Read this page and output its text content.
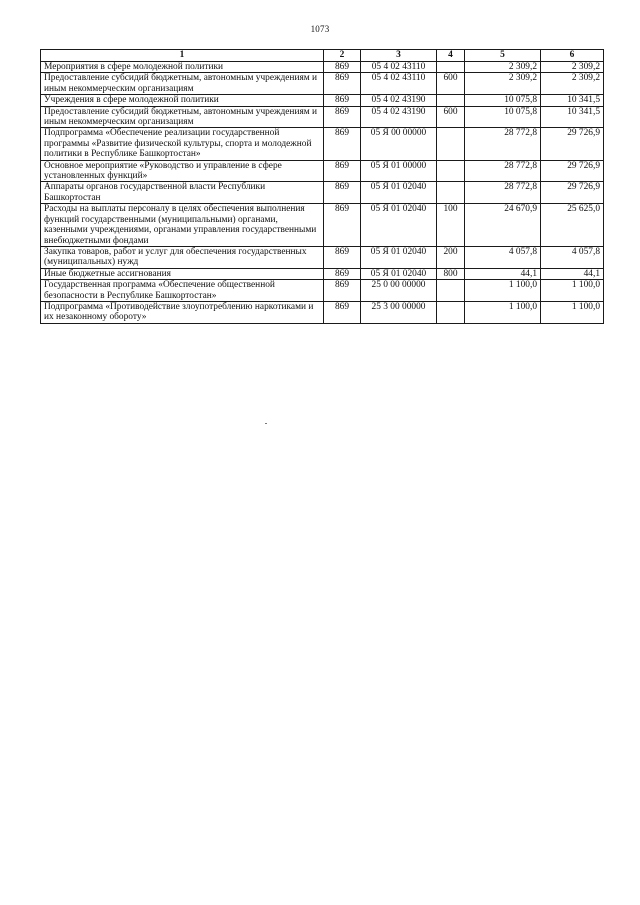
1073
1	2	3	4	5	6
Мероприятия в сфере молодежной политики	869	05 4 02 43110		2 309,2	2 309,2
Предоставление субсидий бюджетным, автономным учреждениям и иным некоммерческим организациям	869	05 4 02 43110	600	2 309,2	2 309,2
Учреждения в сфере молодежной политики	869	05 4 02 43190		10 075,8	10 341,5
Предоставление субсидий бюджетным, автономным учреждениям и иным некоммерческим организациям	869	05 4 02 43190	600	10 075,8	10 341,5
Подпрограмма «Обеспечение реализации государственной программы «Развитие физической культуры, спорта и молодежной политики в Республике Башкортостан»	869	05 Я 00 00000		28 772,8	29 726,9
Основное мероприятие «Руководство и управление в сфере установленных функций»	869	05 Я 01 00000		28 772,8	29 726,9
Аппараты органов государственной власти Республики Башкортостан	869	05 Я 01 02040		28 772,8	29 726,9
Расходы на выплаты персоналу в целях обеспечения выполнения функций государственными (муниципальными) органами, казенными учреждениями, органами управления государственными внебюджетными фондами	869	05 Я 01 02040	100	24 670,9	25 625,0
Закупка товаров, работ и услуг для обеспечения государственных (муниципальных) нужд	869	05 Я 01 02040	200	4 057,8	4 057,8
Иные бюджетные ассигнования	869	05 Я 01 02040	800	44,1	44,1
Государственная программа «Обеспечение общественной безопасности в Республике Башкортостан»	869	25 0 00 00000		1 100,0	1 100,0
Подпрограмма «Противодействие злоупотреблению наркотиками и их незаконному обороту»	869	25 3 00 00000		1 100,0	1 100,0
